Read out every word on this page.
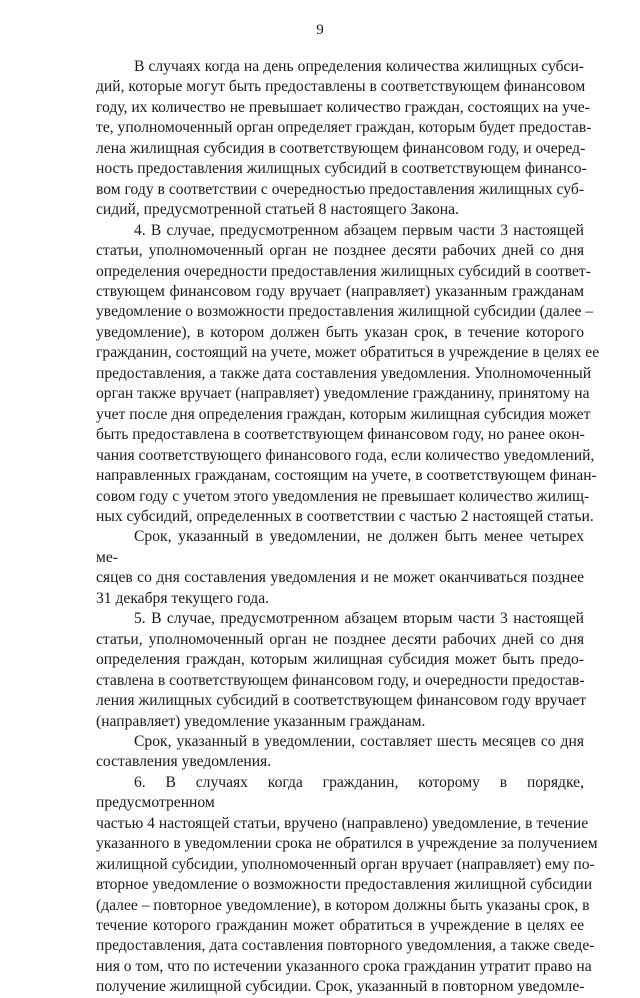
9
В случаях когда на день определения количества жилищных субси-
дий, которые могут быть предоставлены в соответствующем финансовом
году, их количество не превышает количество граждан, состоящих на уче-
те, уполномоченный орган определяет граждан, которым будет предостав-
лена жилищная субсидия в соответствующем финансовом году, и очеред-
ность предоставления жилищных субсидий в соответствующем финансо-
вом году в соответствии с очередностью предоставления жилищных суб-
сидий, предусмотренной статьей 8 настоящего Закона.
4. В случае, предусмотренном абзацем первым части 3 настоящей
статьи, уполномоченный орган не позднее десяти рабочих дней со дня
определения очередности предоставления жилищных субсидий в соответ-
ствующем финансовом году вручает (направляет) указанным гражданам
уведомление о возможности предоставления жилищной субсидии (далее –
уведомление), в котором должен быть указан срок, в течение которого
гражданин, состоящий на учете, может обратиться в учреждение в целях ее
предоставления, а также дата составления уведомления. Уполномоченный
орган также вручает (направляет) уведомление гражданину, принятому на
учет после дня определения граждан, которым жилищная субсидия может
быть предоставлена в соответствующем финансовом году, но ранее окон-
чания соответствующего финансового года, если количество уведомлений,
направленных гражданам, состоящим на учете, в соответствующем финан-
совом году с учетом этого уведомления не превышает количество жилищ-
ных субсидий, определенных в соответствии с частью 2 настоящей статьи.
Срок, указанный в уведомлении, не должен быть менее четырех ме-
сяцев со дня составления уведомления и не может оканчиваться позднее
31 декабря текущего года.
5. В случае, предусмотренном абзацем вторым части 3 настоящей
статьи, уполномоченный орган не позднее десяти рабочих дней со дня
определения граждан, которым жилищная субсидия может быть предо-
ставлена в соответствующем финансовом году, и очередности предостав-
ления жилищных субсидий в соответствующем финансовом году вручает
(направляет) уведомление указанным гражданам.
Срок, указанный в уведомлении, составляет шесть месяцев со дня
составления уведомления.
6. В случаях когда гражданин, которому в порядке, предусмотренном
частью 4 настоящей статьи, вручено (направлено) уведомление, в течение
указанного в уведомлении срока не обратился в учреждение за получением
жилищной субсидии, уполномоченный орган вручает (направляет) ему по-
вторное уведомление о возможности предоставления жилищной субсидии
(далее – повторное уведомление), в котором должны быть указаны срок, в
течение которого гражданин может обратиться в учреждение в целях ее
предоставления, дата составления повторного уведомления, а также сведе-
ния о том, что по истечении указанного срока гражданин утратит право на
получение жилищной субсидии. Срок, указанный в повторном уведомле-
